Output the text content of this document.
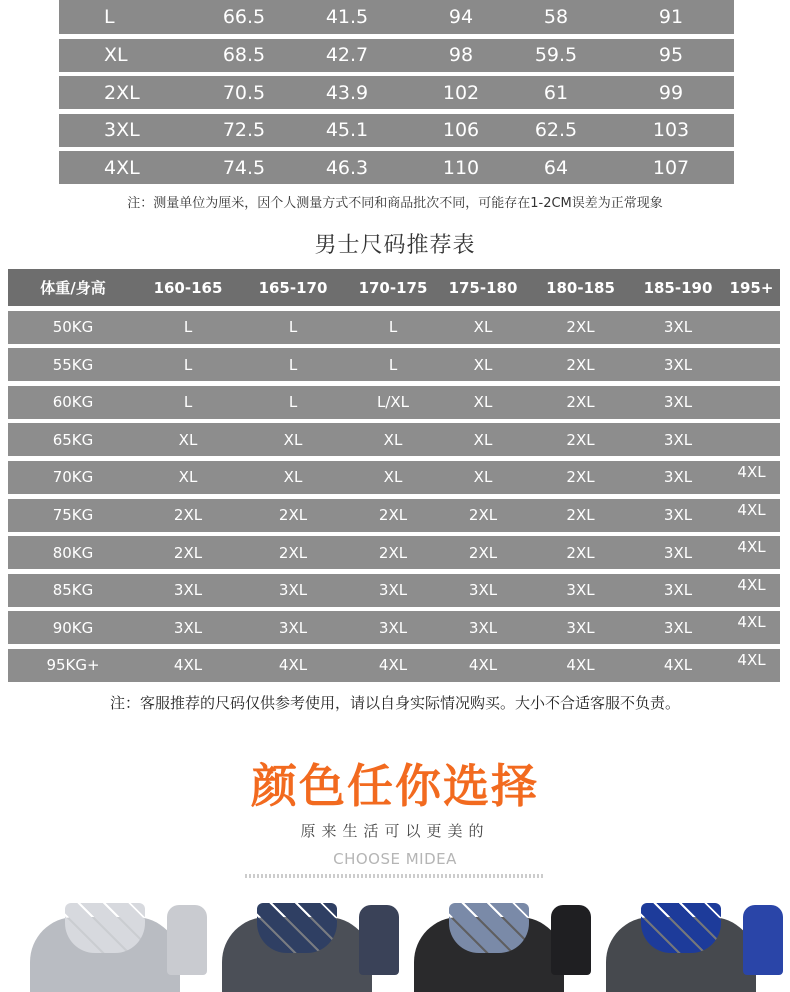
L	66.5	41.5	94	58	91
XL	68.5	42.7	98	59.5	95
2XL	70.5	43.9	102	61	99
3XL	72.5	45.1	106	62.5	103
4XL	74.5	46.3	110	64	107
注：测量单位为厘米，因个人测量方式不同和商品批次不同，可能存在1-2CM误差为正常现象
男士尺码推荐表
体重/身高	160-165	165-170	170-175	175-180	180-185	185-190	195+
50KG	L	L	L	XL	2XL	3XL
55KG	L	L	L	XL	2XL	3XL
60KG	L	L	L/XL	XL	2XL	3XL
65KG	XL	XL	XL	XL	2XL	3XL
70KG	XL	XL	XL	XL	2XL	3XL	4XL
75KG	2XL	2XL	2XL	2XL	2XL	3XL	4XL
80KG	2XL	2XL	2XL	2XL	2XL	3XL	4XL
85KG	3XL	3XL	3XL	3XL	3XL	3XL	4XL
90KG	3XL	3XL	3XL	3XL	3XL	3XL	4XL
95KG+	4XL	4XL	4XL	4XL	4XL	4XL	4XL
注：客服推荐的尺码仅供参考使用，请以自身实际情况购买。大小不合适客服不负责。
颜色任你选择
原来生活可以更美的
CHOOSE MIDEA
